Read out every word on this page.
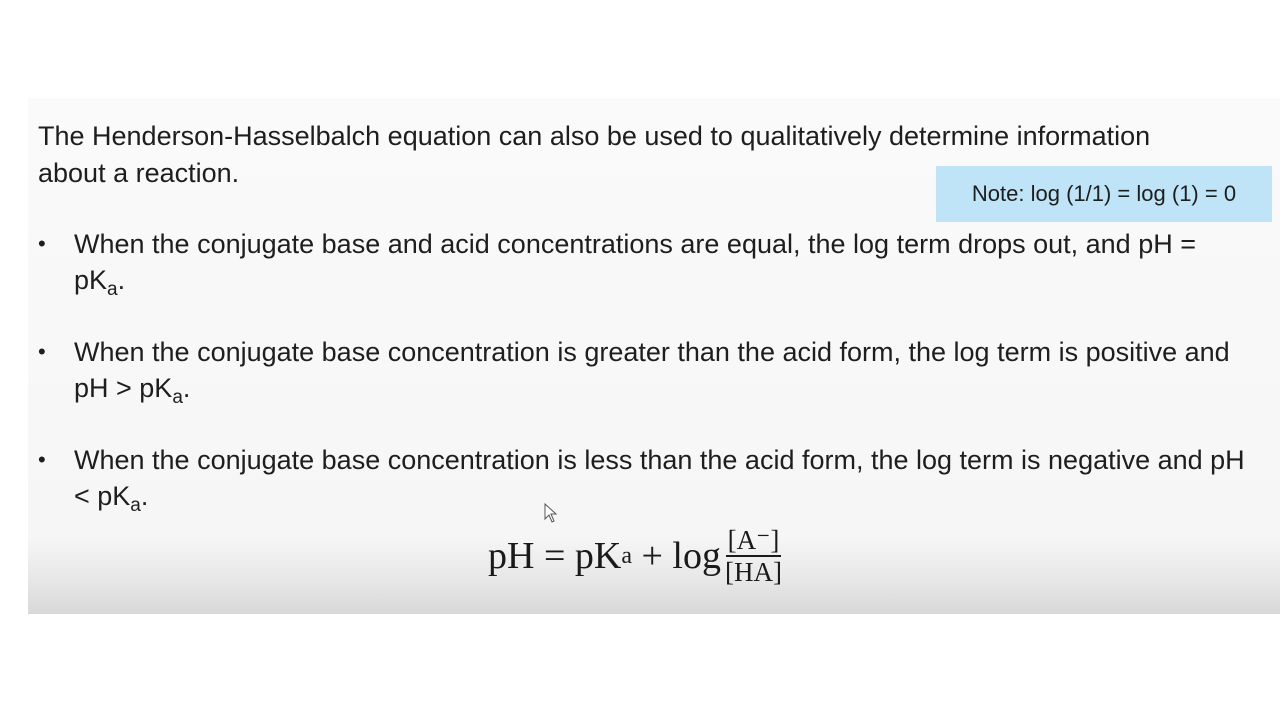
The Henderson-Hasselbalch equation can also be used to qualitatively determine information about a reaction.

Note: log (1/1) = log (1) = 0
•	When the conjugate base and acid concentrations are equal, the log term drops out, and pH = $pK_a$.
•	When the conjugate base concentration is greater than the acid form, the log term is positive and pH > $pK_a$.
•	When the conjugate base concentration is less than the acid form, the log term is negative and pH < $pK_a$.
pH = pK $a + \log \frac{[A^-]}{[HA]}$
